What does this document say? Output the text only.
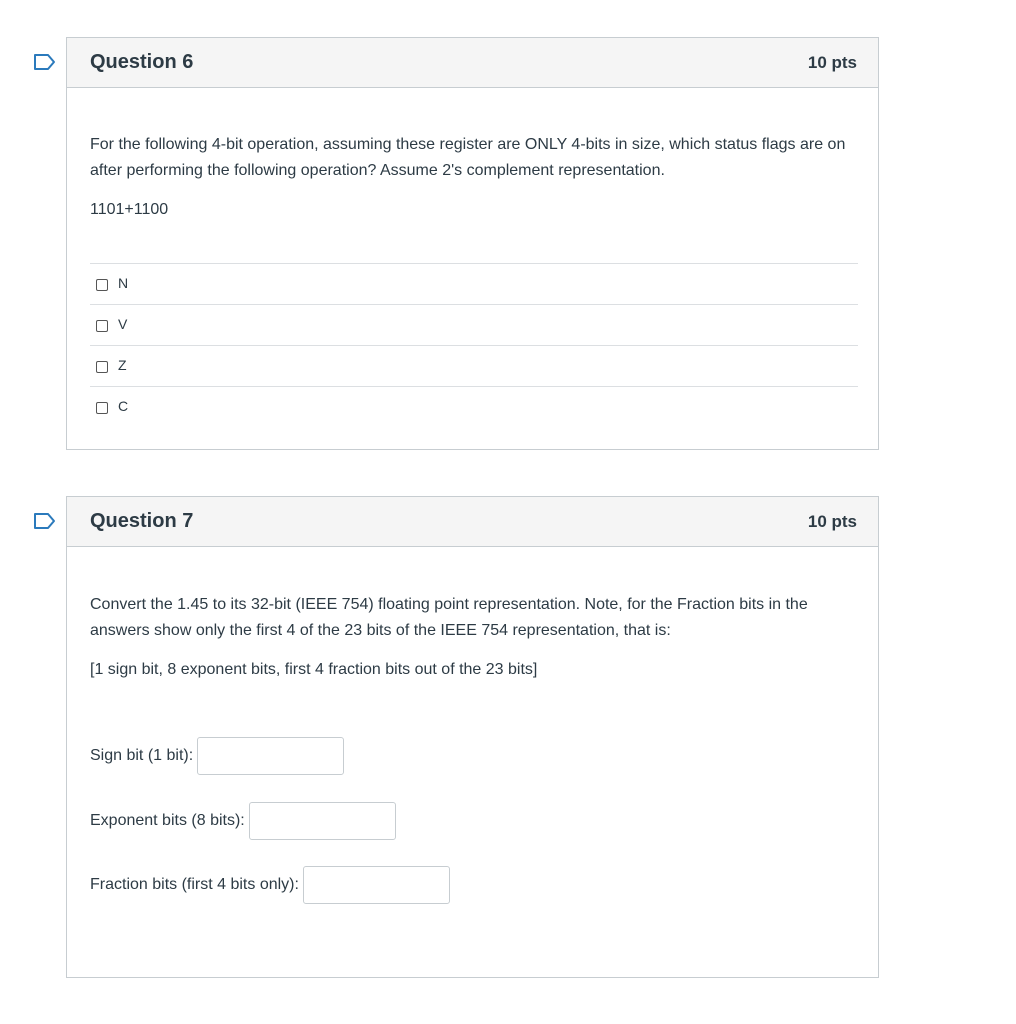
Question 6	10 pts
For the following 4-bit operation, assuming these register are ONLY 4-bits in size, which status flags are on after performing the following operation? Assume 2's complement representation.
1101+1100
N
V
Z
C
Question 7	10 pts
Convert the 1.45 to its 32-bit (IEEE 754) floating point representation. Note, for the Fraction bits in the answers show only the first 4 of the 23 bits of the IEEE 754 representation, that is:
[1 sign bit, 8 exponent bits, first 4 fraction bits out of the 23 bits]
Sign bit (1 bit):
Exponent bits (8 bits):
Fraction bits (first 4 bits only):
